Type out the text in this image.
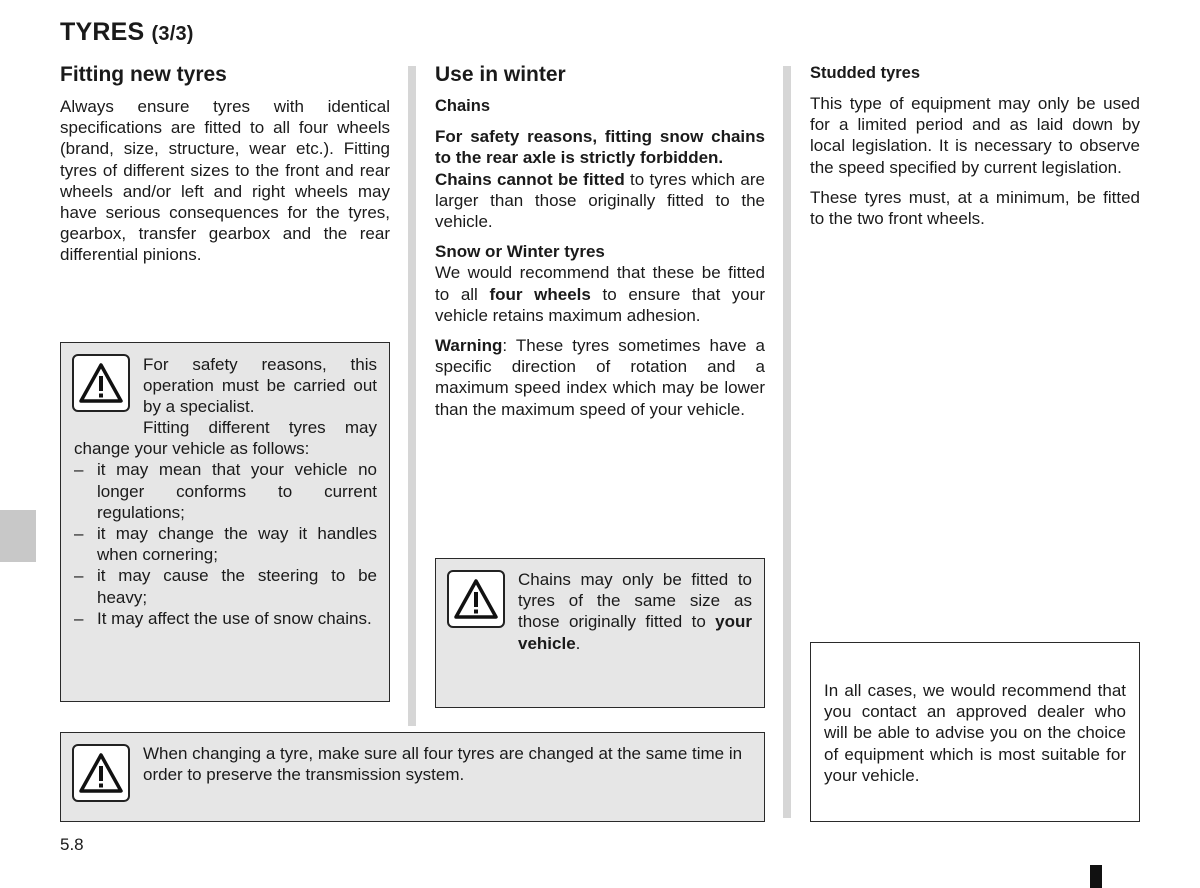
TYRES (3/3)
Fitting new tyres

Always ensure tyres with identical specifications are fitted to all four wheels (brand, size, structure, wear etc.). Fitting tyres of different sizes to the front and rear wheels and/or left and right wheels may have serious consequences for the tyres, gearbox, transfer gearbox and the rear differential pinions.

For safety reasons, this operation must be carried out by a specialist.

Fitting different tyres may change your vehicle as follows:

– it may mean that your vehicle no longer conforms to current regulations;
– it may change the way it handles when cornering;
– it may cause the steering to be heavy;
– It may affect the use of snow chains.
Use in winter

Chains

For safety reasons, fitting snow chains to the rear axle is strictly forbidden.

Chains cannot be fitted to tyres which are larger than those originally fitted to the vehicle.

Snow or Winter tyres

We would recommend that these be fitted to all four wheels to ensure that your vehicle retains maximum adhesion.

Warning: These tyres sometimes have a specific direction of rotation and a maximum speed index which may be lower than the maximum speed of your vehicle.

Chains may only be fitted to tyres of the same size as those originally fitted to your vehicle.

Studded tyres

This type of equipment may only be used for a limited period and as laid down by local legislation. It is necessary to observe the speed specified by current legislation.

These tyres must, at a minimum, be fitted to the two front wheels.

In all cases, we would recommend that you contact an approved dealer who will be able to advise you on the choice of equipment which is most suitable for your vehicle.

When changing a tyre, make sure all four tyres are changed at the same time in order to preserve the transmission system.

5.8
